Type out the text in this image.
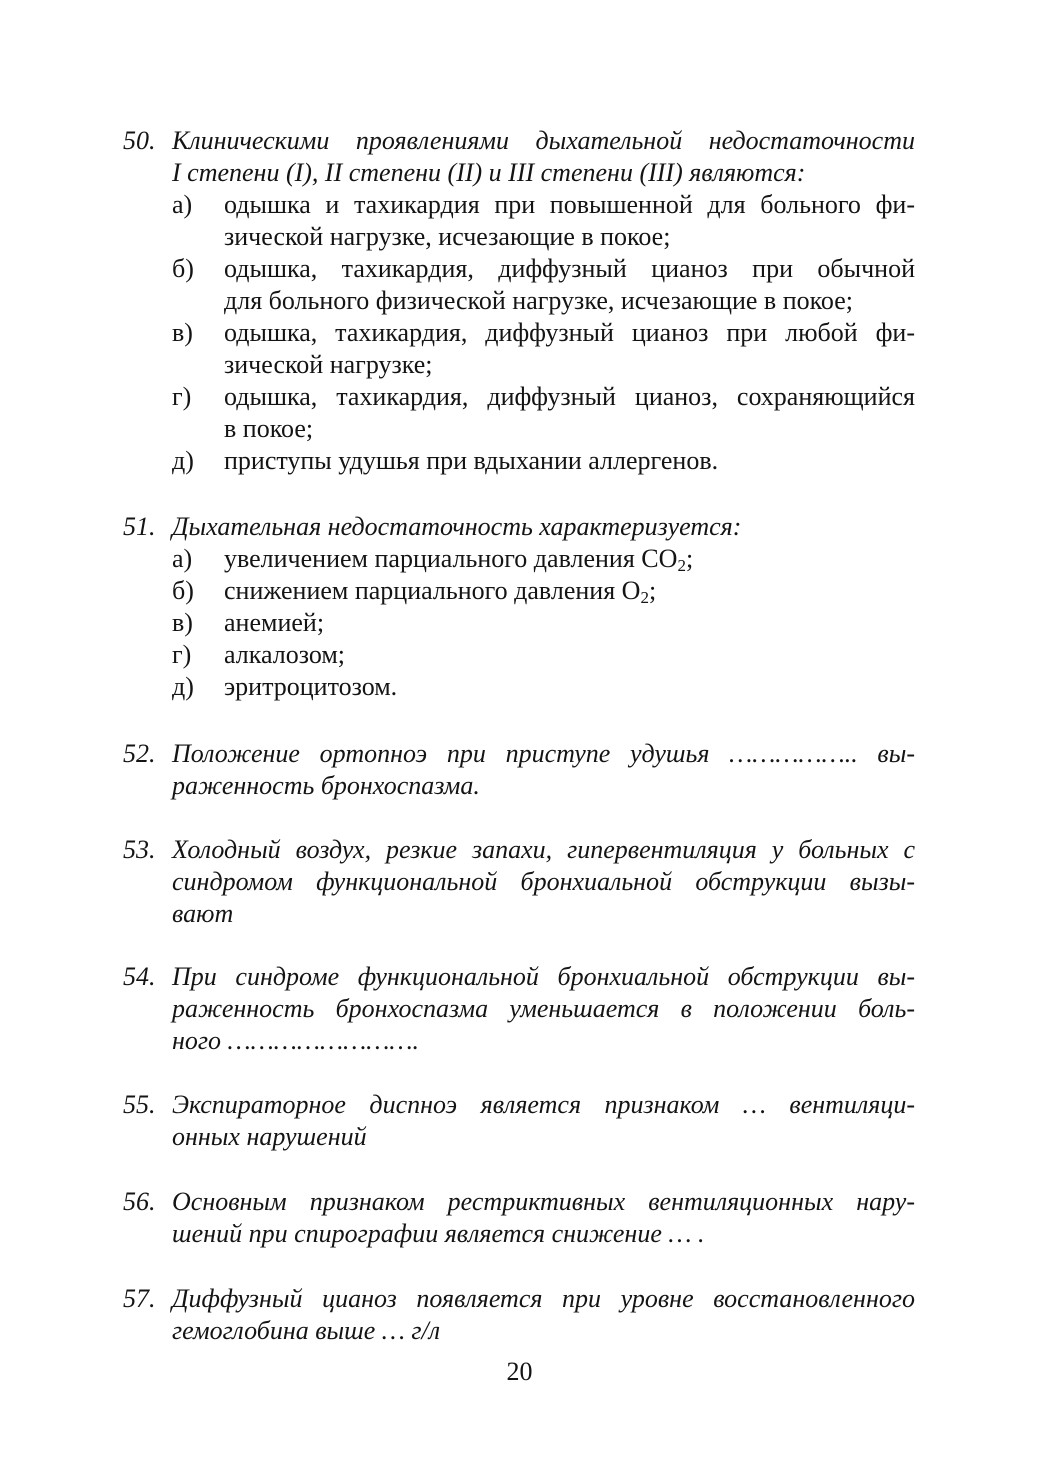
50. Клиническими проявлениями дыхательной недостаточности
I степени (I), II степени (II) и III степени (III) являются:
а)	одышка и тахикардия при повышенной для больного фи-
зической нагрузке, исчезающие в покое;
б)	одышка, тахикардия, диффузный цианоз при обычной
для больного физической нагрузке, исчезающие в покое;
в)	одышка, тахикардия, диффузный цианоз при любой фи-
зической нагрузке;
г)	одышка, тахикардия, диффузный цианоз, сохраняющийся
в покое;
д)	приступы удушья при вдыхании аллергенов.
51. Дыхательная недостаточность характеризуется:
а)	увеличением парциального давления $CO_2$;
б)	снижением парциального давления $O_2$;
в)	анемией;
г)	алкалозом;
д)	эритроцитозом.
52. Положение ортопноэ при приступе удушья …………….. вы-
раженность бронхоспазма.
53. Холодный воздух, резкие запахи, гипервентиляция у больных с
синдромом функциональной бронхиальной обструкции вызы-
вают
54. При синдроме функциональной бронхиальной обструкции вы-
раженность бронхоспазма уменьшается в положении боль-
ного …………………….
55. Экспираторное диспноэ является признаком … вентиляци-
онных нарушений
56. Основным признаком рестриктивных вентиляционных нару-
шений при спирографии является снижение … .
57. Диффузный цианоз появляется при уровне восстановленного
гемоглобина выше … г/л
20
